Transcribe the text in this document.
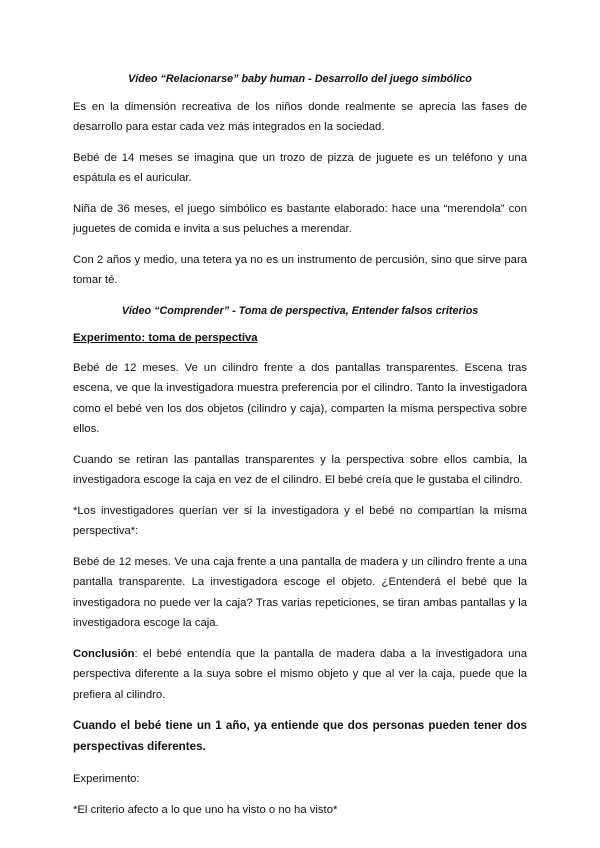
Vídeo “Relacionarse” baby human - Desarrollo del juego simbólico

Es en la dimensión recreativa de los niños donde realmente se aprecia las fases de desarrollo para estar cada vez más integrados en la sociedad.

Bebé de 14 meses se imagina que un trozo de pizza de juguete es un teléfono y una espátula es el auricular.

Niña de 36 meses, el juego simbólico es bastante elaborado: hace una “merendola” con juguetes de comida e invita a sus peluches a merendar.

Con 2 años y medio, una tetera ya no es un instrumento de percusión, sino que sirve para tomar té.

Vídeo “Comprender” - Toma de perspectiva, Entender falsos criterios
Experimento: toma de perspectiva

Bebé de 12 meses. Ve un cilindro frente a dos pantallas transparentes. Escena tras escena, ve que la investigadora muestra preferencia por el cilindro. Tanto la investigadora como el bebé ven los dos objetos (cilindro y caja), comparten la misma perspectiva sobre ellos.

Cuando se retiran las pantallas transparentes y la perspectiva sobre ellos cambia, la investigadora escoge la caja en vez de el cilindro. El bebé creía que le gustaba el cilindro.

*Los investigadores querían ver si la investigadora y el bebé no compartían la misma perspectiva*:

Bebé de 12 meses. Ve una caja frente a una pantalla de madera y un cilindro frente a una pantalla transparente. La investigadora escoge el objeto. ¿Entenderá el bebé que la investigadora no puede ver la caja? Tras varias repeticiones, se tiran ambas pantallas y la investigadora escoge la caja.

Conclusión: el bebé entendía que la pantalla de madera daba a la investigadora una perspectiva diferente a la suya sobre el mismo objeto y que al ver la caja, puede que la prefiera al cilindro.

Cuando el bebé tiene un 1 año, ya entiende que dos personas pueden tener dos perspectivas diferentes.

Experimento:

*El criterio afecto a lo que uno ha visto o no ha visto*
